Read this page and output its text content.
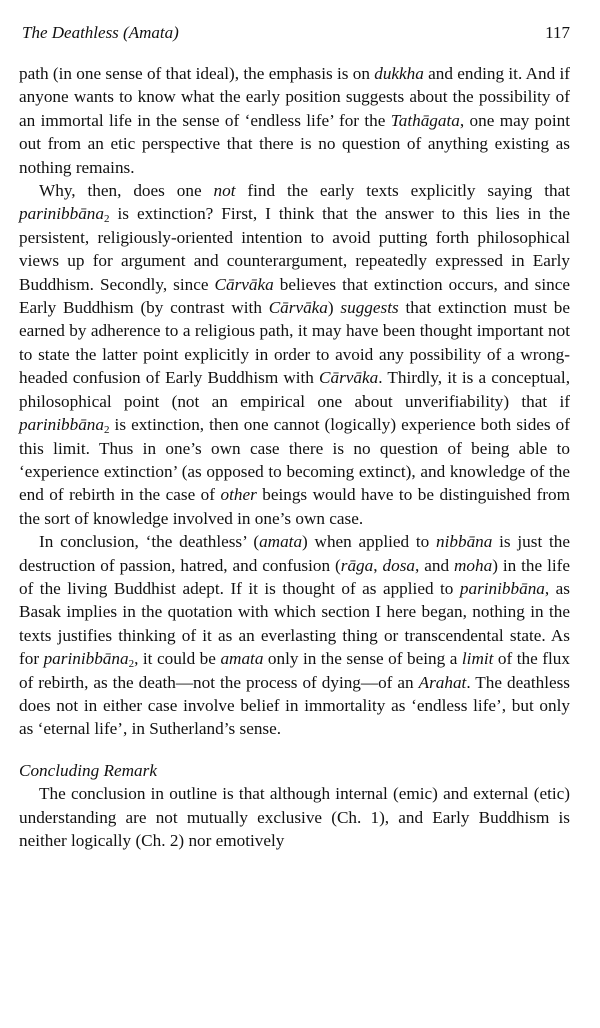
The Deathless (Amata)	117

path (in one sense of that ideal), the emphasis is on dukkha and ending it. And if anyone wants to know what the early position suggests about the possibility of an immortal life in the sense of ‘endless life’ for the Tathāgata, one may point out from an etic perspective that there is no question of anything existing as nothing remains.

Why, then, does one not find the early texts explicitly saying that parinibbāna$_2$ is extinction? First, I think that the answer to this lies in the persistent, religiously-oriented intention to avoid putting forth philosophical views up for argument and counterargument, repeatedly expressed in Early Buddhism. Secondly, since Cārvāka believes that extinction occurs, and since Early Buddhism (by contrast with Cārvāka) suggests that extinction must be earned by adherence to a religious path, it may have been thought important not to state the latter point explicitly in order to avoid any possibility of a wrong-headed confusion of Early Buddhism with Cārvāka. Thirdly, it is a conceptual, philosophical point (not an empirical one about unverifiability) that if parinibbāna$_2$ is extinction, then one cannot (logically) experience both sides of this limit. Thus in one’s own case there is no question of being able to ‘experience extinction’ (as opposed to becoming extinct), and knowledge of the end of rebirth in the case of other beings would have to be distinguished from the sort of knowledge involved in one’s own case.

In conclusion, ‘the deathless’ (amata) when applied to nibbāna is just the destruction of passion, hatred, and confusion (rāga, dosa, and moha) in the life of the living Buddhist adept. If it is thought of as applied to parinibbāna, as Basak implies in the quotation with which section I here began, nothing in the texts justifies thinking of it as an everlasting thing or transcendental state. As for parinibbāna$_2$, it could be amata only in the sense of being a limit of the flux of rebirth, as the death—not the process of dying—of an Arahat. The deathless does not in either case involve belief in immortality as ‘endless life’, but only as ‘eternal life’, in Sutherland’s sense.

Concluding Remark

The conclusion in outline is that although internal (emic) and external (etic) understanding are not mutually exclusive (Ch. 1), and Early Buddhism is neither logically (Ch. 2) nor emotively
